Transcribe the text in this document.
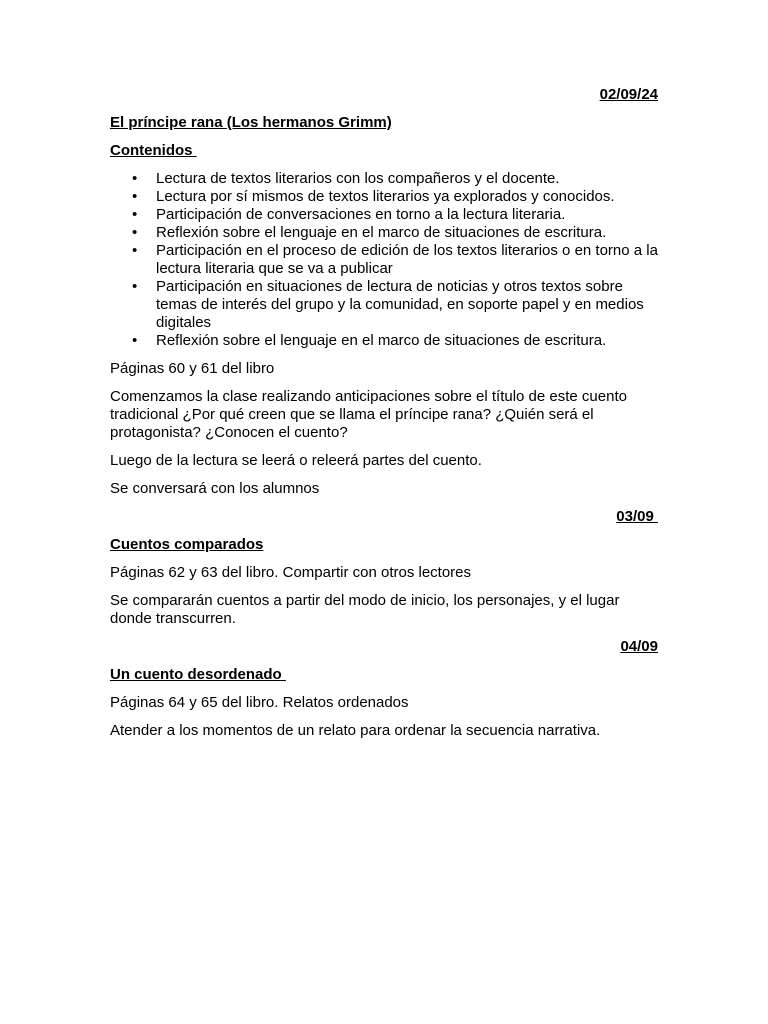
02/09/24
El príncipe rana (Los hermanos Grimm)
Contenidos
• Lectura de textos literarios con los compañeros y el docente.
• Lectura por sí mismos de textos literarios ya explorados y conocidos.
• Participación de conversaciones en torno a la lectura literaria.
• Reflexión sobre el lenguaje en el marco de situaciones de escritura.
• Participación en el proceso de edición de los textos literarios o en torno a la lectura literaria que se va a publicar
• Participación en situaciones de lectura de noticias y otros textos sobre temas de interés del grupo y la comunidad, en soporte papel y en medios digitales
• Reflexión sobre el lenguaje en el marco de situaciones de escritura.

Páginas 60 y 61 del libro

Comenzamos la clase realizando anticipaciones sobre el título de este cuento tradicional ¿Por qué creen que se llama el príncipe rana? ¿Quién será el protagonista? ¿Conocen el cuento?

Luego de la lectura se leerá o releerá partes del cuento.

Se conversará con los alumnos

03/09
Cuentos comparados

Páginas 62 y 63 del libro. Compartir con otros lectores

Se compararán cuentos a partir del modo de inicio, los personajes, y el lugar donde transcurren.

04/09
Un cuento desordenado

Páginas 64 y 65 del libro. Relatos ordenados

Atender a los momentos de un relato para ordenar la secuencia narrativa.
